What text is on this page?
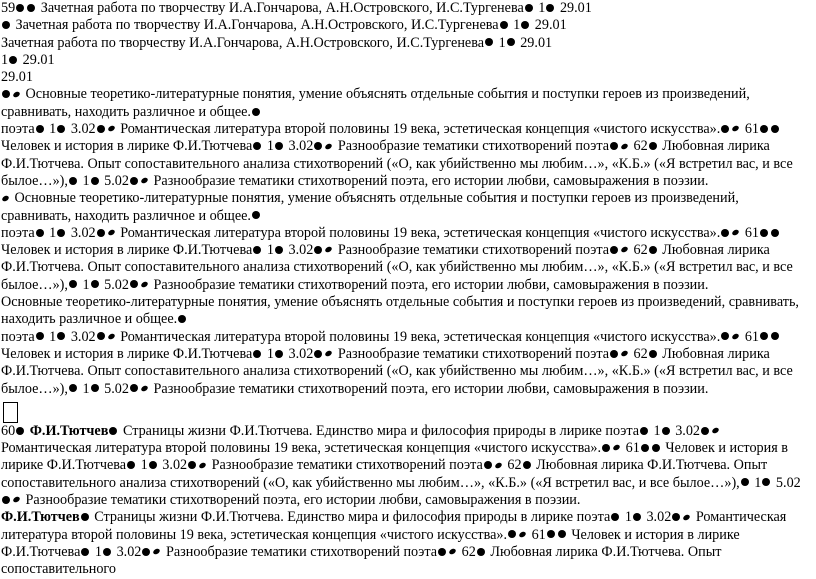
59 Зачетная работа по творчеству И.А.Гончарова, А.Н.Островского, И.С.Тургенева 1 29.01
Зачетная работа по творчеству И.А.Гончарова, А.Н.Островского, И.С.Тургенева 1 29.01
Зачетная работа по творчеству И.А.Гончарова, А.Н.Островского, И.С.Тургенева 1 29.01
1 29.01
29.01
Основные теоретико-литературные понятия, умение объяснять отдельные события и поступки героев из произведений, сравнивать, находить различное и общее.
поэта 1 3.02 Романтическая литература второй половины 19 века, эстетическая концепция «чистого искусства». 61 Человек и история в лирике Ф.И.Тютчева 1 3.02 Разнообразие тематики стихотворений поэта 62 Любовная лирика Ф.И.Тютчева. Опыт сопоставительного анализа стихотворений («О, как убийственно мы любим…», «К.Б.» («Я встретил вас, и все былое…»), 1 5.02 Разнообразие тематики стихотворений поэта, его истории любви, самовыражения в поэзии.
Основные теоретико-литературные понятия, умение объяснять отдельные события и поступки героев из произведений, сравнивать, находить различное и общее.
поэта 1 3.02 Романтическая литература второй половины 19 века, эстетическая концепция «чистого искусства». 61 Человек и история в лирике Ф.И.Тютчева 1 3.02 Разнообразие тематики стихотворений поэта 62 Любовная лирика Ф.И.Тютчева. Опыт сопоставительного анализа стихотворений («О, как убийственно мы любим…», «К.Б.» («Я встретил вас, и все былое…»), 1 5.02 Разнообразие тематики стихотворений поэта, его истории любви, самовыражения в поэзии.
Основные теоретико-литературные понятия, умение объяснять отдельные события и поступки героев из произведений, сравнивать, находить различное и общее.
поэта 1 3.02 Романтическая литература второй половины 19 века, эстетическая концепция «чистого искусства». 61 Человек и история в лирике Ф.И.Тютчева 1 3.02 Разнообразие тематики стихотворений поэта 62 Любовная лирика Ф.И.Тютчева. Опыт сопоставительного анализа стихотворений («О, как убийственно мы любим…», «К.Б.» («Я встретил вас, и все былое…»), 1 5.02 Разнообразие тематики стихотворений поэта, его истории любви, самовыражения в поэзии.
60 Ф.И.Тютчев Страницы жизни Ф.И.Тютчева. Единство мира и философия природы в лирике поэта 1 3.02 Романтическая литература второй половины 19 века, эстетическая концепция «чистого искусства». 61 Человек и история в лирике Ф.И.Тютчева 1 3.02 Разнообразие тематики стихотворений поэта 62 Любовная лирика Ф.И.Тютчева. Опыт сопоставительного анализа стихотворений («О, как убийственно мы любим…», «К.Б.» («Я встретил вас, и все былое…»), 1 5.02 Разнообразие тематики стихотворений поэта, его истории любви, самовыражения в поэзии.
Ф.И.Тютчев Страницы жизни Ф.И.Тютчева. Единство мира и философия природы в лирике поэта 1 3.02 Романтическая литература второй половины 19 века, эстетическая концепция «чистого искусства». 61 Человек и история в лирике Ф.И.Тютчева 1 3.02 Разнообразие тематики стихотворений поэта 62 Любовная лирика Ф.И.Тютчева. Опыт сопоставительного
